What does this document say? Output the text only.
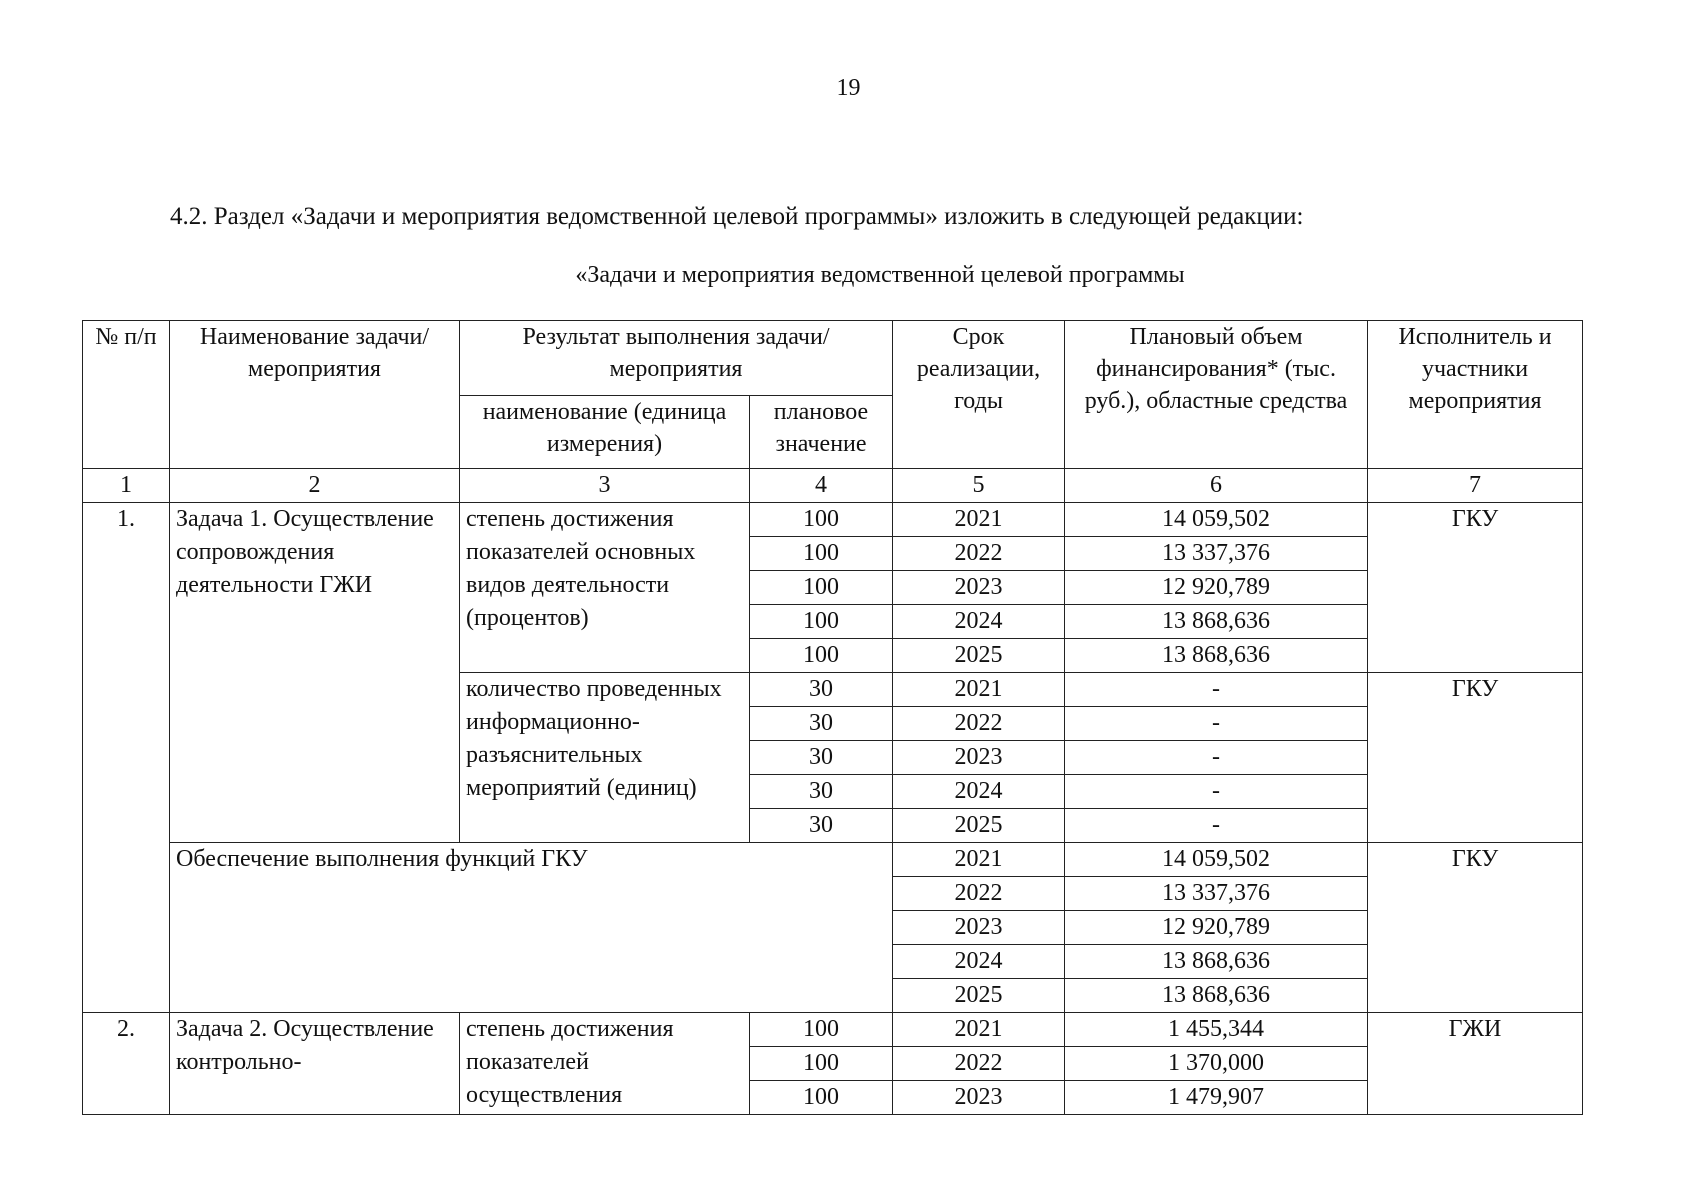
19
4.2. Раздел «Задачи и мероприятия ведомственной целевой программы» изложить в следующей редакции:
«Задачи и мероприятия ведомственной целевой программы
№ п/п	Наименование задачи/мероприятия	Результат выполнения задачи/мероприятия		Срок реализации, годы	Плановый объем финансирования* (тыс. руб.), областные средства	Исполнитель и участники мероприятия
		наименование (единица измерения)	плановое значение			
1	2	3	4	5	6	7
1.	Задача 1. Осуществление сопровождения деятельности ГЖИ	степень достижения показателей основных видов деятельности (процентов)	100	2021	14 059,502	ГКУ
			100	2022	13 337,376	
			100	2023	12 920,789	
			100	2024	13 868,636	
			100	2025	13 868,636	
		количество проведенных информационно-разъяснительных мероприятий (единиц)	30	2021	-	ГКУ
			30	2022	-	
			30	2023	-	
			30	2024	-	
			30	2025	-	
	Обеспечение выполнения функций ГКУ			2021	14 059,502	ГКУ
				2022	13 337,376	
				2023	12 920,789	
				2024	13 868,636	
				2025	13 868,636	
2.	Задача 2. Осуществление контрольно-	степень достижения показателей осуществления	100	2021	1 455,344	ГЖИ
			100	2022	1 370,000	
			100	2023	1 479,907	
